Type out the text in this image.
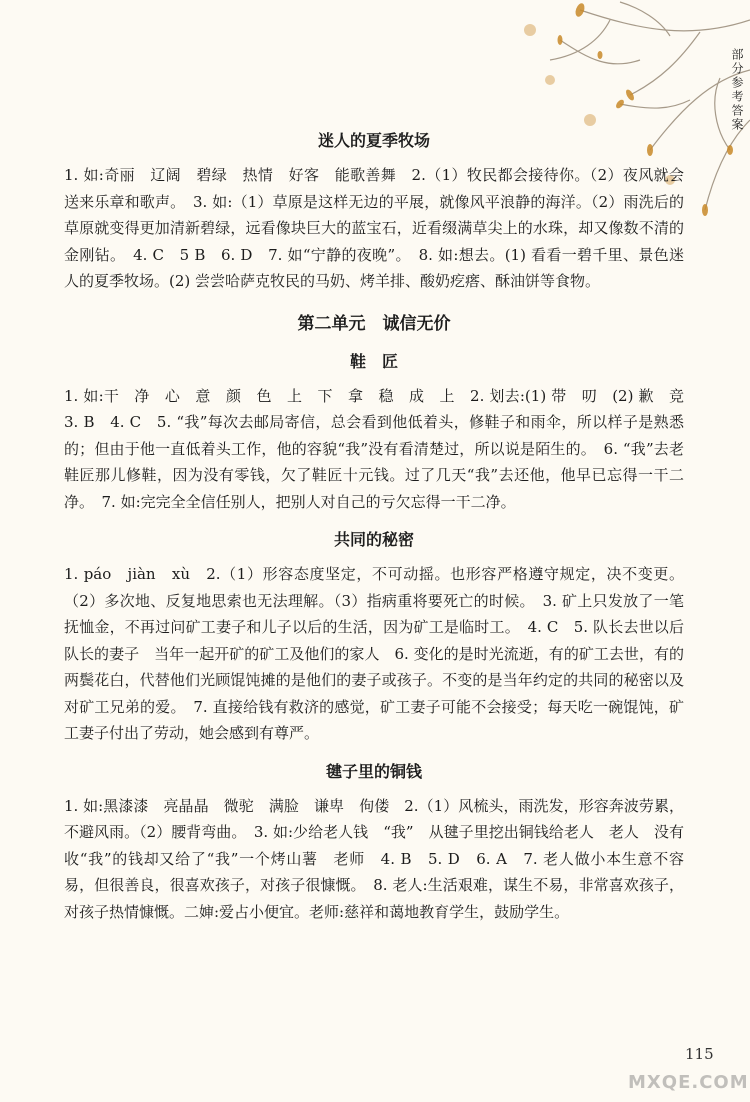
部分参考答案
迷人的夏季牧场

1. 如:奇丽　辽阔　碧绿　热情　好客　能歌善舞　2.（1）牧民都会接待你。（2）夜风就会送来乐章和歌声。　3. 如:（1）草原是这样无边的平展，就像风平浪静的海洋。（2）雨洗后的草原就变得更加清新碧绿，远看像块巨大的蓝宝石，近看缀满草尖上的水珠，却又像数不清的金刚钻。　4. C　5 B　6. D　7. 如“宁静的夜晚”。　8. 如:想去。(1) 看看一碧千里、景色迷人的夏季牧场。(2) 尝尝哈萨克牧民的马奶、烤羊排、酸奶疙瘩、酥油饼等食物。

第二单元　诚信无价
鞋　匠

1. 如:干　净　心　意　颜　色　上　下　拿　稳　成　上　2. 划去:(1) 带　叨　(2) 歉　竞　3. B　4. C　5. “我”每次去邮局寄信，总会看到他低着头，修鞋子和雨伞，所以样子是熟悉的；但由于他一直低着头工作，他的容貌“我”没有看清楚过，所以说是陌生的。　6. “我”去老鞋匠那儿修鞋，因为没有零钱，欠了鞋匠十元钱。过了几天“我”去还他，他早已忘得一干二净。　7. 如:完完全全信任别人，把别人对自己的亏欠忘得一干二净。

共同的秘密

1. páo　jiàn　xù　2.（1）形容态度坚定，不可动摇。也形容严格遵守规定，决不变更。（2）多次地、反复地思索也无法理解。（3）指病重将要死亡的时候。　3. 矿上只发放了一笔抚恤金，不再过问矿工妻子和儿子以后的生活，因为矿工是临时工。　4. C　5. 队长去世以后　队长的妻子　当年一起开矿的矿工及他们的家人　6. 变化的是时光流逝，有的矿工去世，有的两鬓花白，代替他们光顾馄饨摊的是他们的妻子或孩子。不变的是当年约定的共同的秘密以及对矿工兄弟的爱。　7. 直接给钱有救济的感觉，矿工妻子可能不会接受；每天吃一碗馄饨，矿工妻子付出了劳动，她会感到有尊严。

毽子里的铜钱

1. 如:黑漆漆　亮晶晶　微驼　满脸　谦卑　佝偻　2.（1）风梳头，雨洗发，形容奔波劳累，不避风雨。（2）腰背弯曲。　3. 如:少给老人钱　“我”　从毽子里挖出铜钱给老人　老人　没有收“我”的钱却又给了“我”一个烤山薯　老师　4. B　5. D　6. A　7. 老人做小本生意不容易，但很善良，很喜欢孩子，对孩子很慷慨。　8. 老人:生活艰难，谋生不易，非常喜欢孩子，对孩子热情慷慨。二婶:爱占小便宜。老师:慈祥和蔼地教育学生，鼓励学生。

115
MXQE.COM
